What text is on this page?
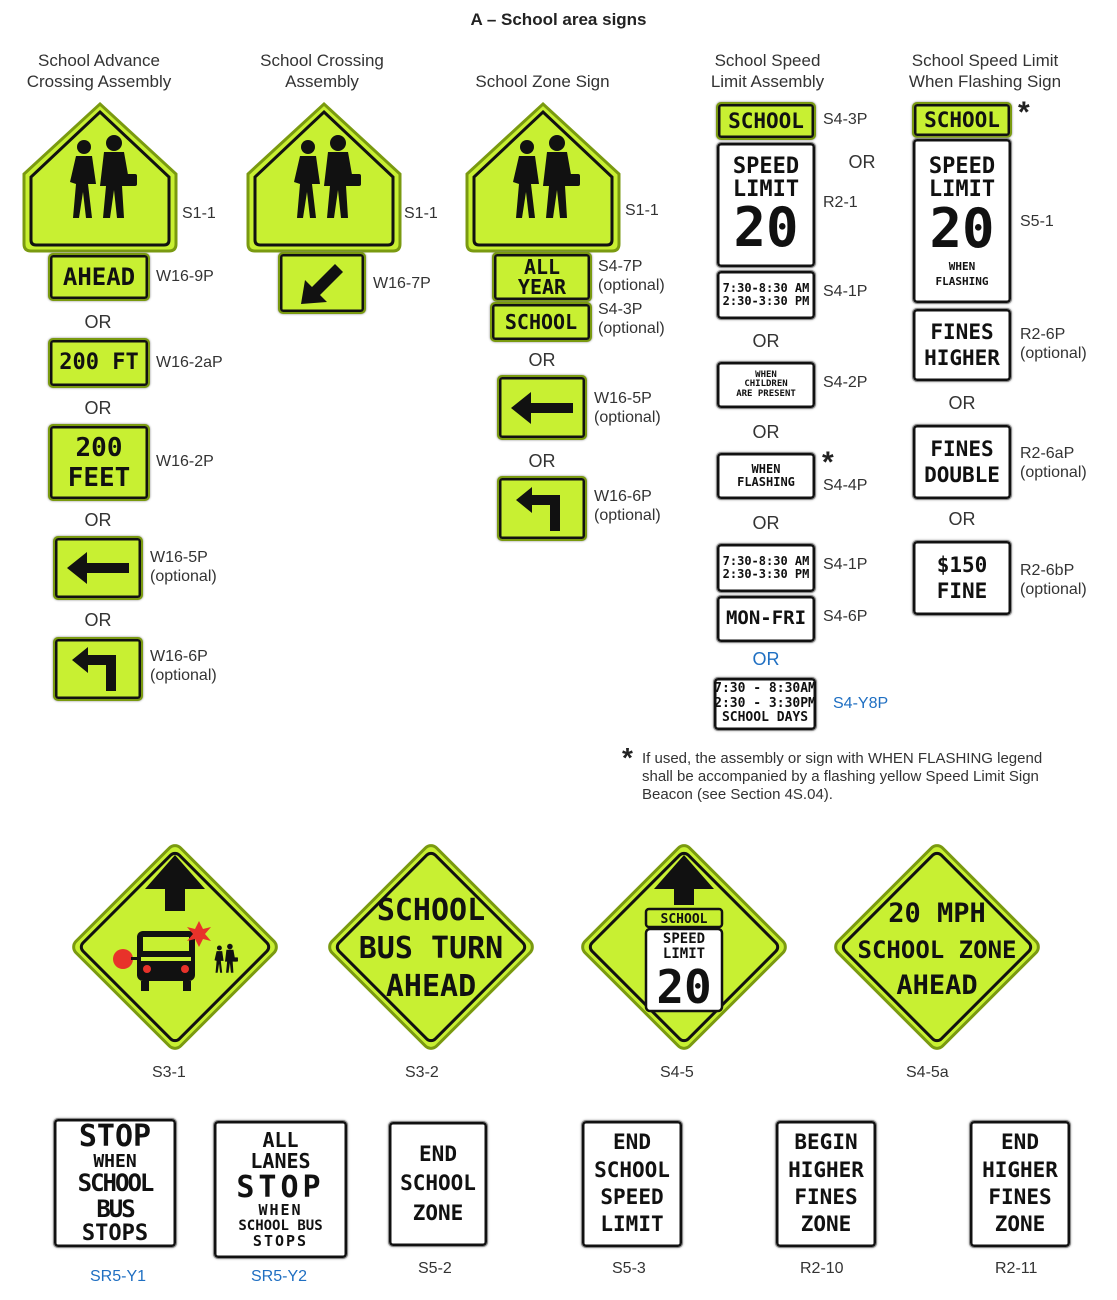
A – School area signs
School Advance Crossing Assembly
School Crossing Assembly	School Zone Sign
School Speed Limit Assembly
School Speed Limit When Flashing Sign
S1-1
AHEAD W16-9P
OR
200 FT W16-2aP
OR
200
FEET
W16-2P
OR
W16-5P
(optional)
OR
W16-6P
(optional)
S1-1
W16-7P
S1-1
ALL YEAR
S4-7P
(optional)
SCHOOL
S4-3P
(optional)
OR
W16-5P
(optional)
OR
W16-6P
(optional)
SCHOOL S4-3P
OR
SPEED
LIMIT
20 R2-1
7:30-8:30 AM
2:30-3:30 PM
S4-1P
OR
WHEN
CHILDREN
ARE PRESENT
S4-2P
OR
WHEN
FLASHING
*
S4-4P
OR
7:30-8:30 AM
2:30-3:30 PM
S4-1P
MON-FRI S4-6P
OR
7:30 - 8:30AM
2:30 - 3:30PM
SCHOOL DAYS
S4-Y8P
SCHOOL *
SPEED
LIMIT
20
WHEN
FLASHING
S5-1
FINES
HIGHER
R2-6P
(optional)
OR
FINES
DOUBLE
R2-6aP
(optional)
OR
$150
FINE
R2-6bP
(optional)
* If used, the assembly or sign with WHEN FLASHING legend
shall be accompanied by a flashing yellow Speed Limit Sign
Beacon (see Section 4S.04).
S3-1
SCHOOL
BUS TURN
AHEAD
S3-2
SCHOOL
SPEED
LIMIT
20
S4-5
20 MPH
SCHOOL ZONE
AHEAD
S4-5a
STOP
WHEN
SCHOOL BUS
STOPS
SR5-Y1
ALL
LANES
STOP
WHEN
SCHOOL BUS
STOPS
SR5-Y2
END
SCHOOL
ZONE
S5-2
END
SCHOOL
SPEED
LIMIT
S5-3
BEGIN
HIGHER
FINES
ZONE
R2-10
END
HIGHER
FINES
ZONE
R2-11
